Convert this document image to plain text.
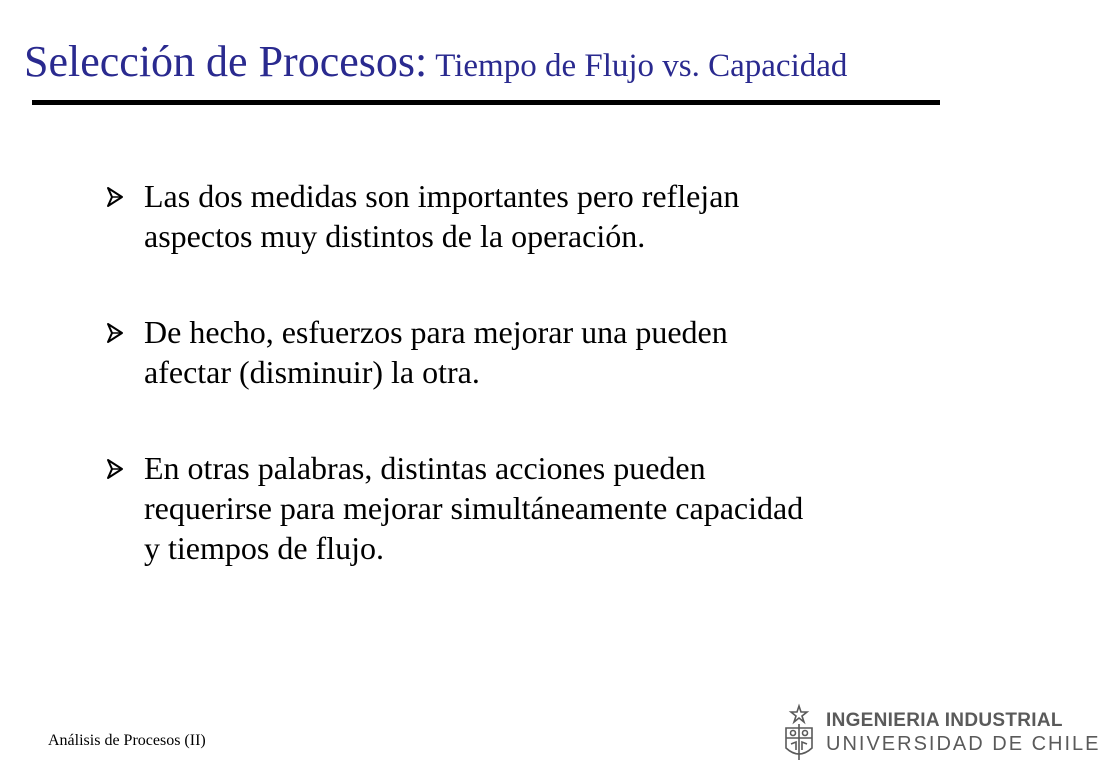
Selección de Procesos: Tiempo de Flujo vs. Capacidad
Las dos medidas son importantes pero reflejan
aspectos muy distintos de la operación.
De hecho, esfuerzos para mejorar una pueden
afectar (disminuir) la otra.
En otras palabras, distintas acciones pueden
requerirse para mejorar simultáneamente capacidad
y tiempos de flujo.
Análisis de Procesos (II)
INGENIERIA INDUSTRIAL
UNIVERSIDAD DE CHILE
